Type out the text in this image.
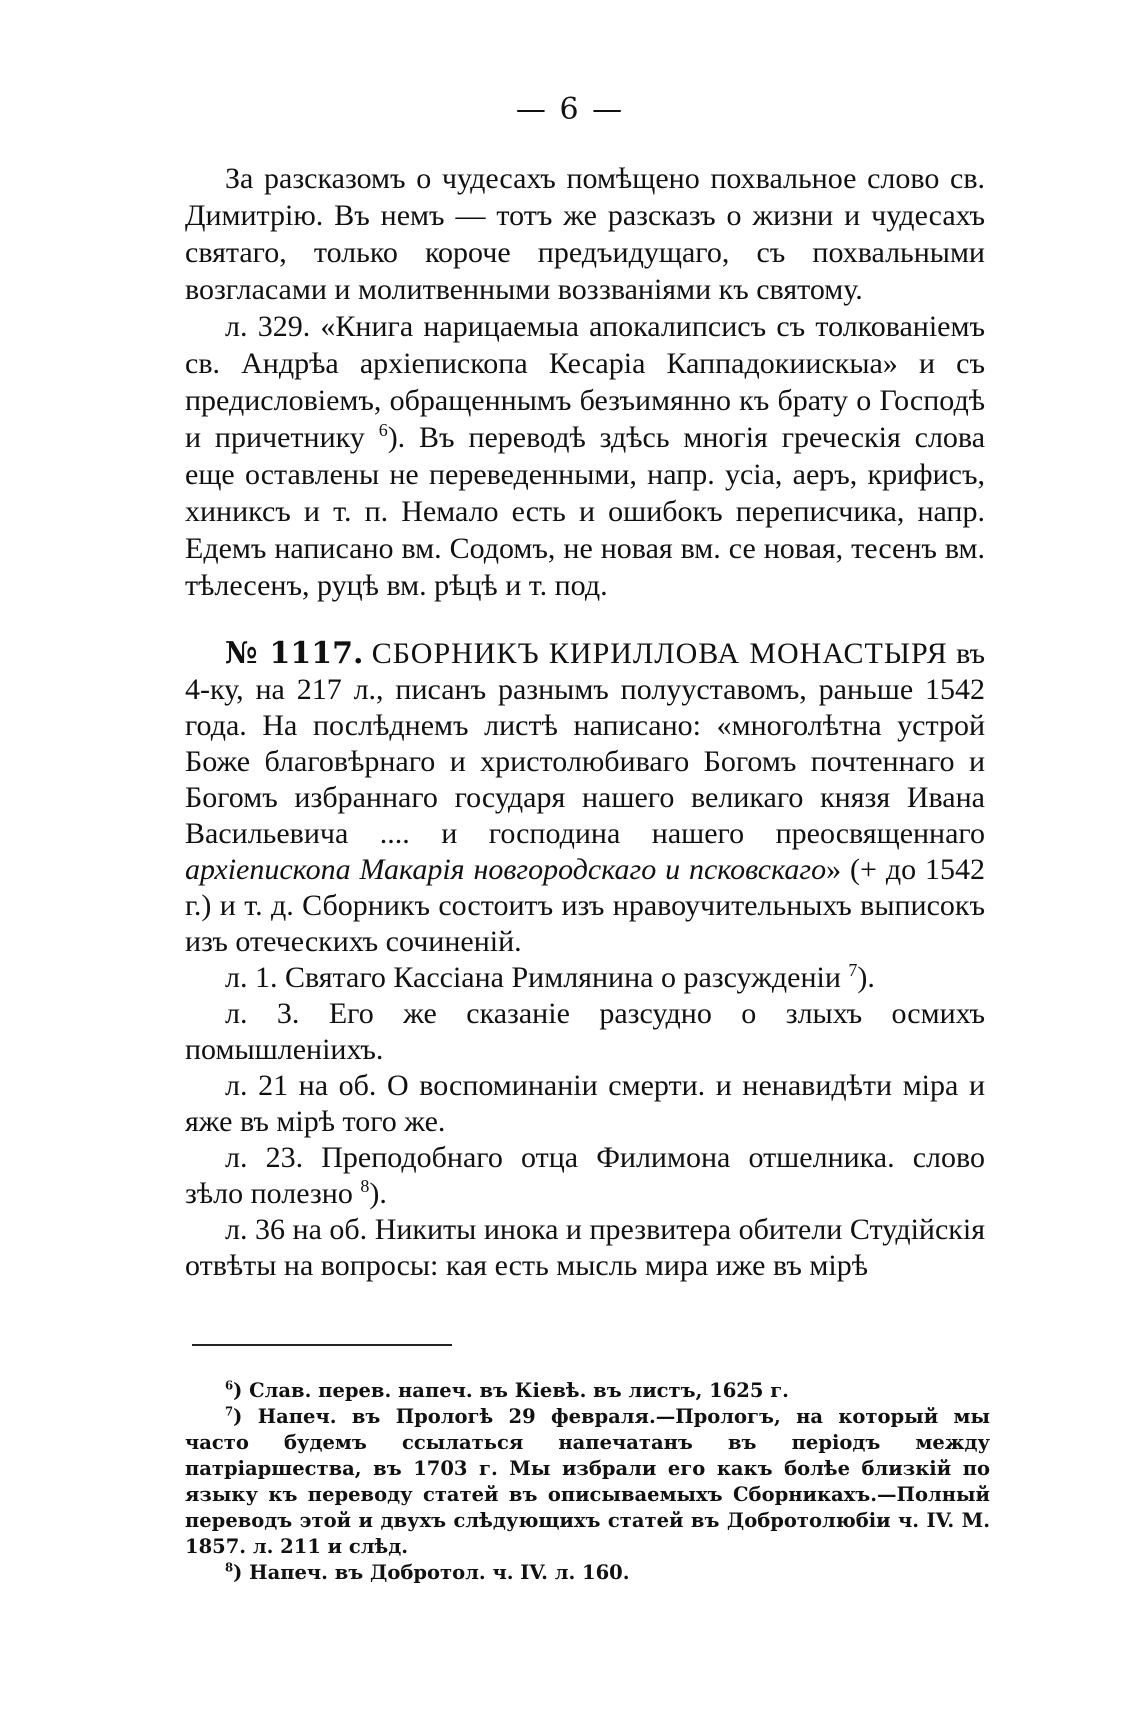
— 6 —

За разсказомъ о чудесахъ помѣщено похвальное слово св. Димитрію. Въ немъ — тотъ же разсказъ о жизни и чудесахъ святаго, только короче предъидущаго, съ похвальными возгласами и молитвенными воззваніями къ святому.

л. 329. «Книга нарицаемыа апокалипсисъ съ толкованіемъ св. Андрѣа архіепископа Кесаріа Каппадокиискыа» и съ предисловіемъ, обращеннымъ безъимянно къ брату о Господѣ и причетнику $^6$). Въ переводѣ здѣсь многія греческія слова еще оставлены не переведенными, напр. усіа, аеръ, крифисъ, хиниксъ и т. п. Немало есть и ошибокъ переписчика, напр. Едемъ написано вм. Содомъ, не новая вм. се новая, тесенъ вм. тѣлесенъ, руцѣ вм. рѣцѣ и т. под.

№ 1117. СБОРНИКЪ КИРИЛЛОВА МОНАСТЫРЯ въ 4-ку, на 217 л., писанъ разнымъ полууставомъ, раньше 1542 года. На послѣднемъ листѣ написано: «многолѣтна устрой Боже благовѣрнаго и христолюбиваго Богомъ почтеннаго и Богомъ избраннаго государя нашего великаго князя Ивана Васильевича .... и господина нашего преосвященнаго архіепископа Макарія новгородскаго и псковскаго» (+ до 1542 г.) и т. д. Сборникъ состоитъ изъ нравоучительныхъ выписокъ изъ отеческихъ сочиненій.

л. 1. Святаго Кассіана Римлянина о разсужденіи $^7$).

л. 3. Его же сказаніе разсудно о злыхъ осмихъ помышленіихъ.

л. 21 на об. О воспоминаніи смерти. и ненавидѣти міра и яже въ мірѣ того же.

л. 23. Преподобнаго отца Филимона отшелника. слово зѣло полезно $^8$).

л. 36 на об. Никиты инока и презвитера обители Студійскія отвѣты на вопросы: кая есть мысль мира иже въ мірѣ

$^6$) Слав. перев. напеч. въ Кіевѣ. въ листъ, 1625 г.

$^7$) Напеч. въ Прологѣ 29 февраля.—Прологъ, на который мы часто будемъ ссылаться напечатанъ въ періодъ между патріаршества, въ 1703 г. Мы избрали его какъ болѣе близкій по языку къ переводу статей въ описываемыхъ Сборникахъ.—Полный переводъ этой и двухъ слѣдующихъ статей въ Добротолюбіи ч. IV. М. 1857. л. 211 и слѣд.

$^8$) Напеч. въ Добротол. ч. IV. л. 160.
